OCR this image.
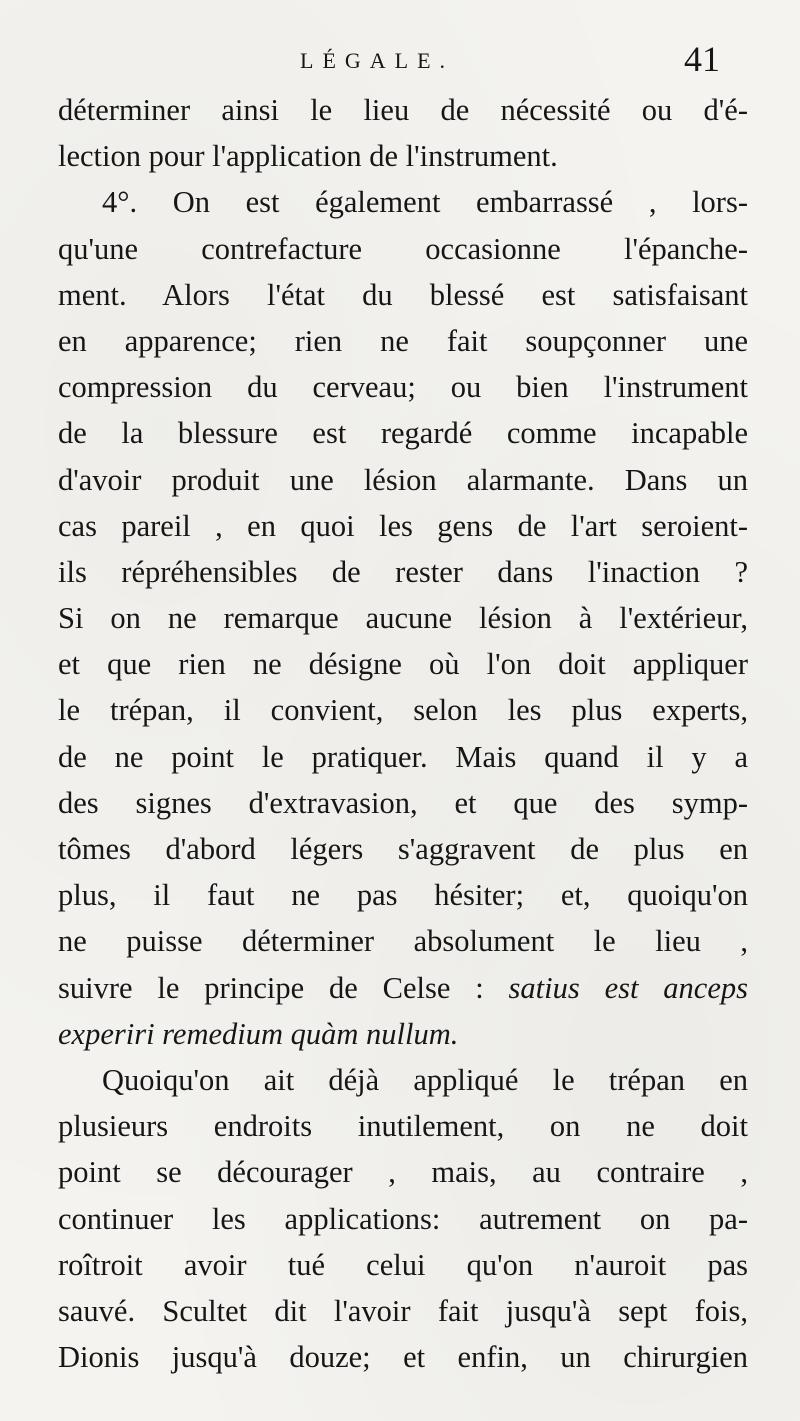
LÉGALE.	41
déterminer ainsi le lieu de nécessité ou d'é-
lection pour l'application de l'instrument.
4°. On est également embarrassé , lors-
qu'une contrefacture occasionne l'épanche-
ment. Alors l'état du blessé est satisfaisant
en apparence; rien ne fait soupçonner une
compression du cerveau; ou bien l'instrument
de la blessure est regardé comme incapable
d'avoir produit une lésion alarmante. Dans un
cas pareil , en quoi les gens de l'art seroient-
ils répréhensibles de rester dans l'inaction ?
Si on ne remarque aucune lésion à l'extérieur,
et que rien ne désigne où l'on doit appliquer
le trépan, il convient, selon les plus experts,
de ne point le pratiquer. Mais quand il y a
des signes d'extravasion, et que des symp-
tômes d'abord légers s'aggravent de plus en
plus, il faut ne pas hésiter; et, quoiqu'on
ne puisse déterminer absolument le lieu ,
suivre le principe de Celse : satius est anceps
experiri remedium quàm nullum.
Quoiqu'on ait déjà appliqué le trépan en
plusieurs endroits inutilement, on ne doit
point se décourager , mais, au contraire ,
continuer les applications: autrement on pa-
roîtroit avoir tué celui qu'on n'auroit pas
sauvé. Scultet dit l'avoir fait jusqu'à sept fois,
Dionis jusqu'à douze; et enfin, un chirurgien
